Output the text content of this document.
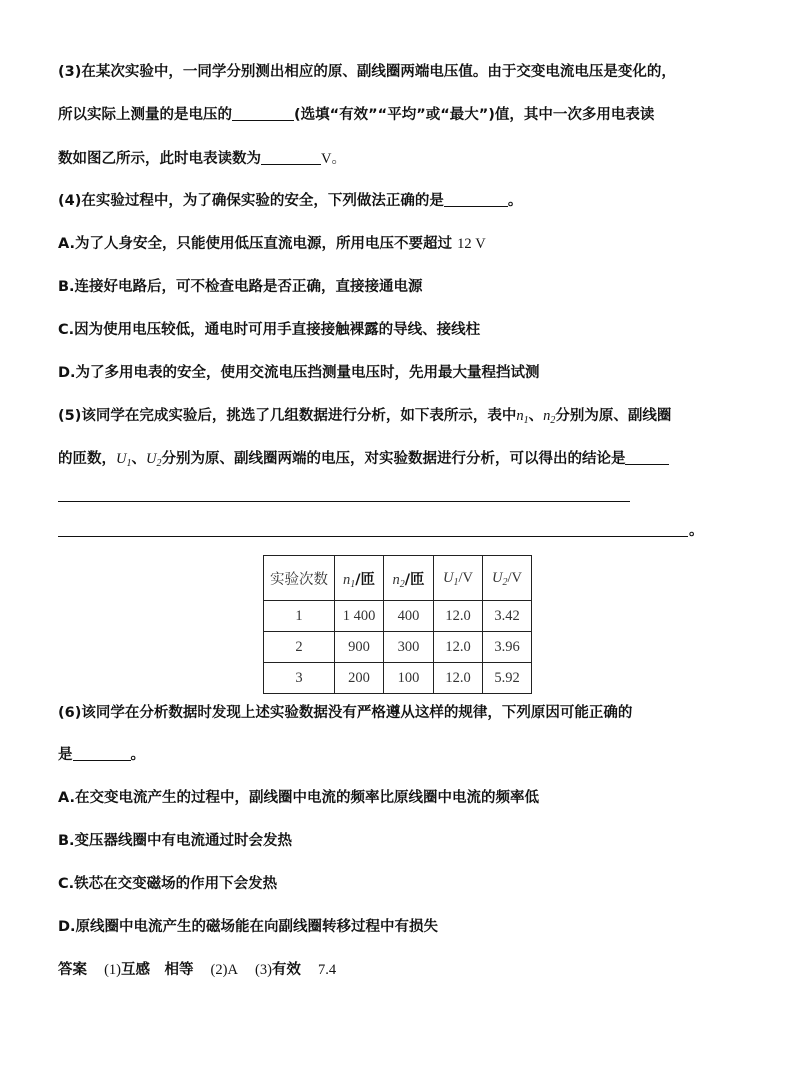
(3)在某次实验中，一同学分别测出相应的原、副线圈两端电压值。由于交变电流电压是变化的，
所以实际上测量的是电压的	(选填“有效”“平均”或“最大”)值，其中一次多用电表读
数如图乙所示，此时电表读数为	V。
(4)在实验过程中，为了确保实验的安全，下列做法正确的是	。
A.为了人身安全，只能使用低压直流电源，所用电压不要超过 12 V
B.连接好电路后，可不检查电路是否正确，直接接通电源
C.因为使用电压较低，通电时可用手直接接触裸露的导线、接线柱
D.为了多用电表的安全，使用交流电压挡测量电压时，先用最大量程挡试测
(5)该同学在完成实验后，挑选了几组数据进行分析，如下表所示，表中$n_1$、$n_2$分别为原、副线圈
的匝数，$U_1$、$U_2$分别为原、副线圈两端的电压，对实验数据进行分析，可以得出的结论是
。
实验次数	$n_1/$匝	$n_2/$匝	$U_1/V$	$U_2/V$
1	1 400	400	12.0	3.42
2	900	300	12.0	3.96
3	200	100	12.0	5.92
(6)该同学在分析数据时发现上述实验数据没有严格遵从这样的规律，下列原因可能正确的
是	。
A.在交变电流产生的过程中，副线圈中电流的频率比原线圈中电流的频率低
B.变压器线圈中有电流通过时会发热
C.铁芯在交变磁场的作用下会发热
D.原线圈中电流产生的磁场能在向副线圈转移过程中有损失
答案 (1)互感　相等 (2)A (3)有效 7.4
